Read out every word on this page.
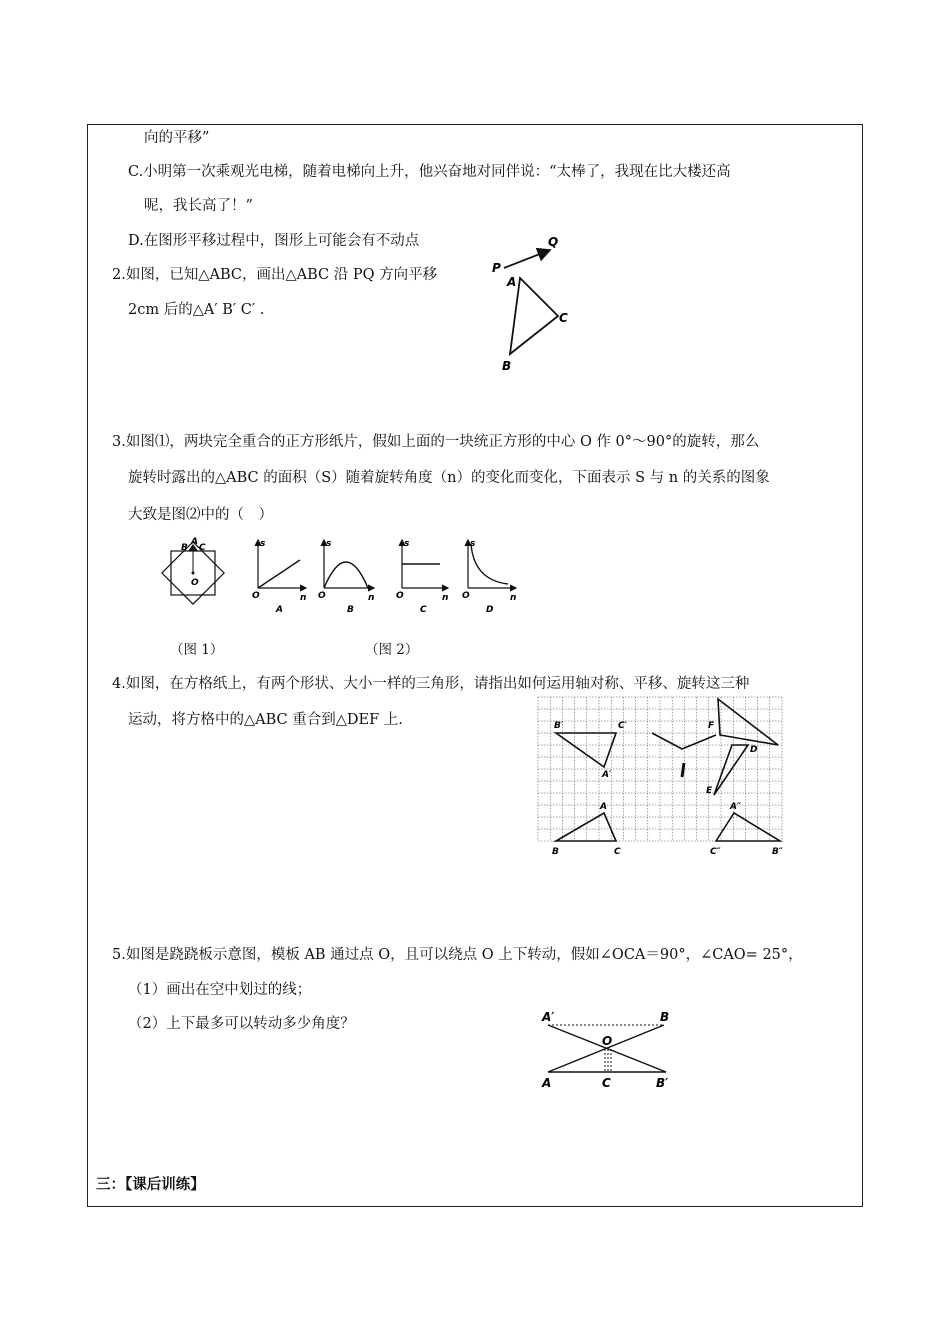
向的平移”
C.小明第一次乘观光电梯，随着电梯向上升，他兴奋地对同伴说：“太棒了，我现在比大楼还高
呢，我长高了！”
D.在图形平移过程中，图形上可能会有不动点
2.如图，已知△ABC，画出△ABC 沿 PQ 方向平移
2cm 后的△A′ B′ C′ .
P
Q
A
C
B
3.如图⑴，两块完全重合的正方形纸片，假如上面的一块统正方形的中心 O 作 0°～90°的旋转，那么
旋转时露出的△ABC 的面积（S）随着旋转角度（n）的变化而变化，下面表示 S 与 n 的关系的图象
大致是图⑵中的（　）
A
B C
O
s
n
O
A
s
n
O
B
s
n
O
C
s
n
O
D
（图 1）	（图 2）
4.如图，在方格纸上，有两个形状、大小一样的三角形，请指出如何运用轴对称、平移、旋转这三种
运动，将方格中的△ABC 重合到△DEF 上.	B′	C′
A′
F
D
E
A
B	C
A″
C″	B″
5.如图是跷跷板示意图，模板 AB 通过点 O，且可以绕点 O 上下转动，假如∠OCA＝90°，∠CAO= 25°，
（1）画出在空中划过的线；
（2）上下最多可以转动多少角度？	A′	B
O
A	C	B′
三：【课后训练】
